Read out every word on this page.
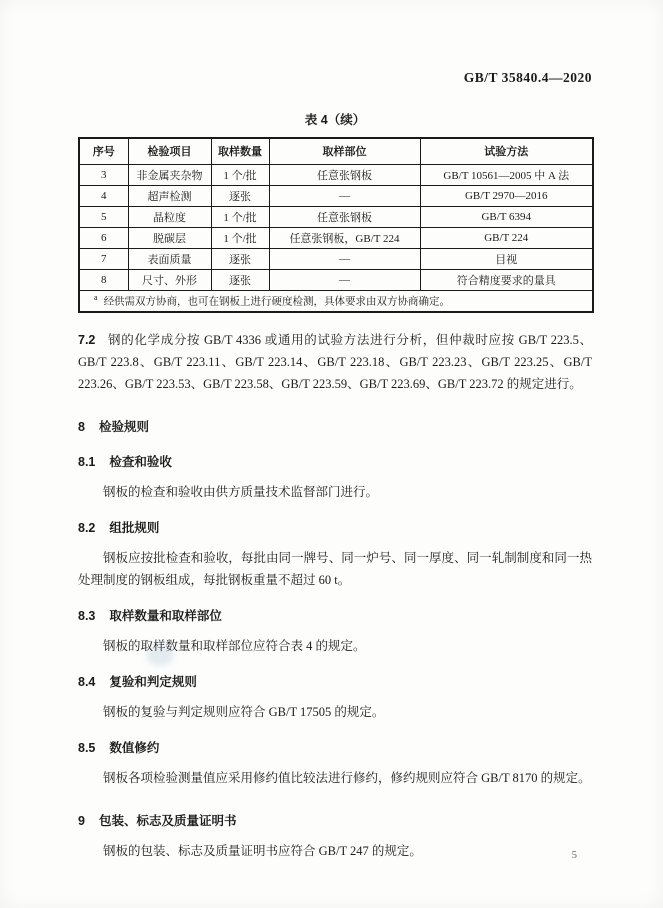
GB/T 35840.4—2020
表 4（续）
序号	检验项目	取样数量	取样部位	试验方法
3	非金属夹杂物	1 个/批	任意张钢板	GB/T 10561—2005 中 A 法
4	超声检测	逐张	—	GB/T 2970—2016
5	晶粒度	1 个/批	任意张钢板	GB/T 6394
6	脱碳层	1 个/批	任意张钢板，GB/T 224	GB/T 224
7	表面质量	逐张	—	目视
8	尺寸、外形	逐张	—	符合精度要求的量具
$^a$ 经供需双方协商，也可在钢板上进行硬度检测，具体要求由双方协商确定。				

7.2 钢的化学成分按 GB/T 4336 或通用的试验方法进行分析，但仲裁时应按 GB/T 223.5、GB/T 223.8、GB/T 223.11、GB/T 223.14、GB/T 223.18、GB/T 223.23、GB/T 223.25、GB/T 223.26、GB/T 223.53、GB/T 223.58、GB/T 223.59、GB/T 223.69、GB/T 223.72 的规定进行。

8 检验规则
8.1 检查和验收

钢板的检查和验收由供方质量技术监督部门进行。

8.2 组批规则

钢板应按批检查和验收，每批由同一牌号、同一炉号、同一厚度、同一轧制制度和同一热处理制度的钢板组成，每批钢板重量不超过 60 t。

8.3 取样数量和取样部位

钢板的取样数量和取样部位应符合表 4 的规定。

8.4 复验和判定规则

钢板的复验与判定规则应符合 GB/T 17505 的规定。

8.5 数值修约

钢板各项检验测量值应采用修约值比较法进行修约，修约规则应符合 GB/T 8170 的规定。

9 包装、标志及质量证明书

钢板的包装、标志及质量证明书应符合 GB/T 247 的规定。	5
